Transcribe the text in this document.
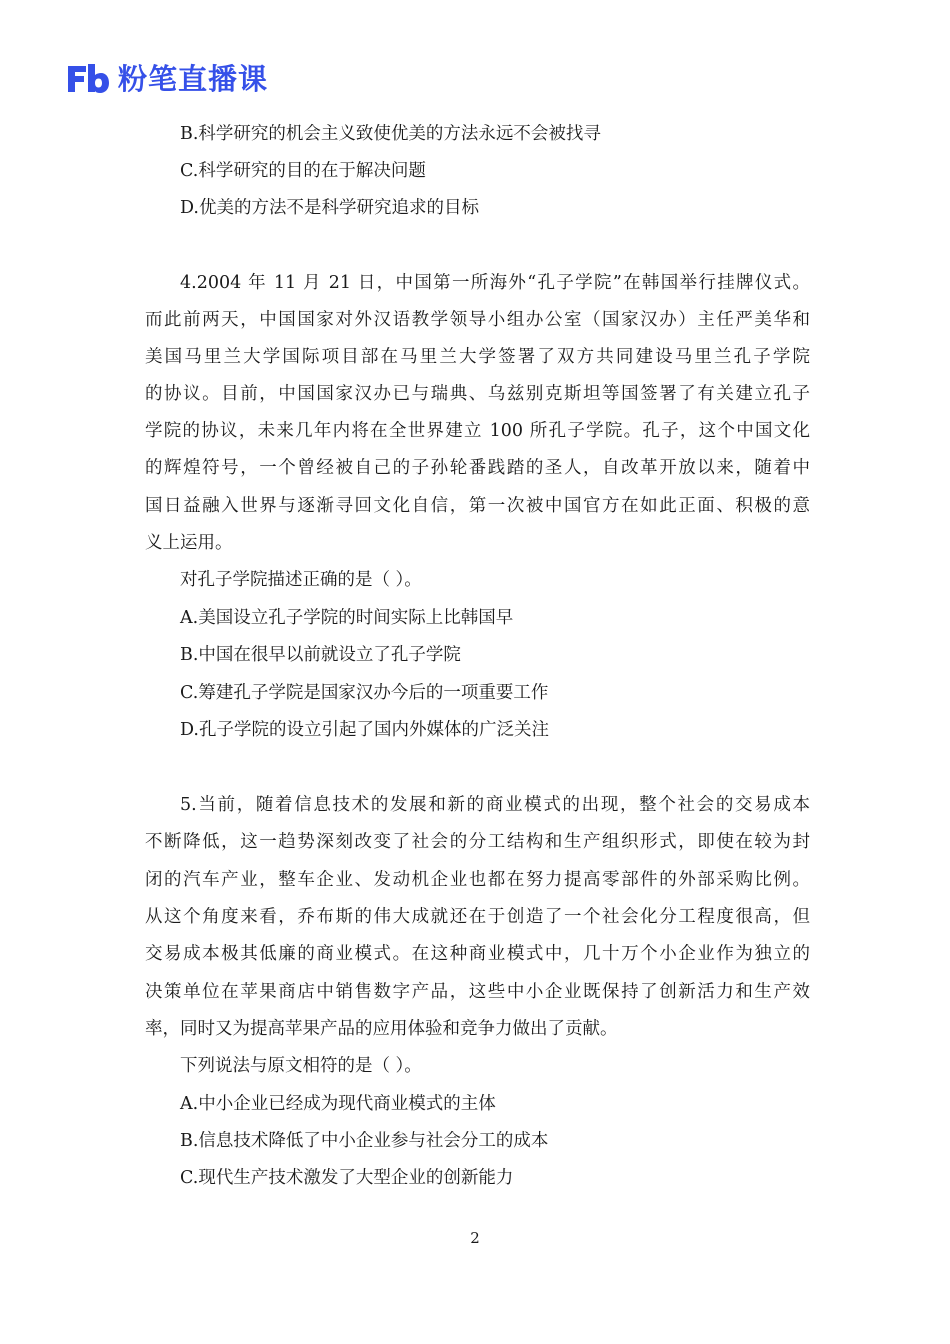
粉笔直播课
B.科学研究的机会主义致使优美的方法永远不会被找寻
C.科学研究的目的在于解决问题
D.优美的方法不是科学研究追求的目标
4.2004 年 11 月 21 日，中国第一所海外“孔子学院”在韩国举行挂牌仪式。
而此前两天，中国国家对外汉语教学领导小组办公室（国家汉办）主任严美华和
美国马里兰大学国际项目部在马里兰大学签署了双方共同建设马里兰孔子学院
的协议。目前，中国国家汉办已与瑞典、乌兹别克斯坦等国签署了有关建立孔子
学院的协议，未来几年内将在全世界建立 100 所孔子学院。孔子，这个中国文化
的辉煌符号，一个曾经被自己的子孙轮番践踏的圣人，自改革开放以来，随着中
国日益融入世界与逐渐寻回文化自信，第一次被中国官方在如此正面、积极的意
义上运用。
对孔子学院描述正确的是（ ）。
A.美国设立孔子学院的时间实际上比韩国早
B.中国在很早以前就设立了孔子学院
C.筹建孔子学院是国家汉办今后的一项重要工作
D.孔子学院的设立引起了国内外媒体的广泛关注
5.当前，随着信息技术的发展和新的商业模式的出现，整个社会的交易成本
不断降低，这一趋势深刻改变了社会的分工结构和生产组织形式，即使在较为封
闭的汽车产业，整车企业、发动机企业也都在努力提高零部件的外部采购比例。
从这个角度来看，乔布斯的伟大成就还在于创造了一个社会化分工程度很高，但
交易成本极其低廉的商业模式。在这种商业模式中，几十万个小企业作为独立的
决策单位在苹果商店中销售数字产品，这些中小企业既保持了创新活力和生产效
率，同时又为提高苹果产品的应用体验和竞争力做出了贡献。
下列说法与原文相符的是（ ）。
A.中小企业已经成为现代商业模式的主体
B.信息技术降低了中小企业参与社会分工的成本
C.现代生产技术激发了大型企业的创新能力
2
